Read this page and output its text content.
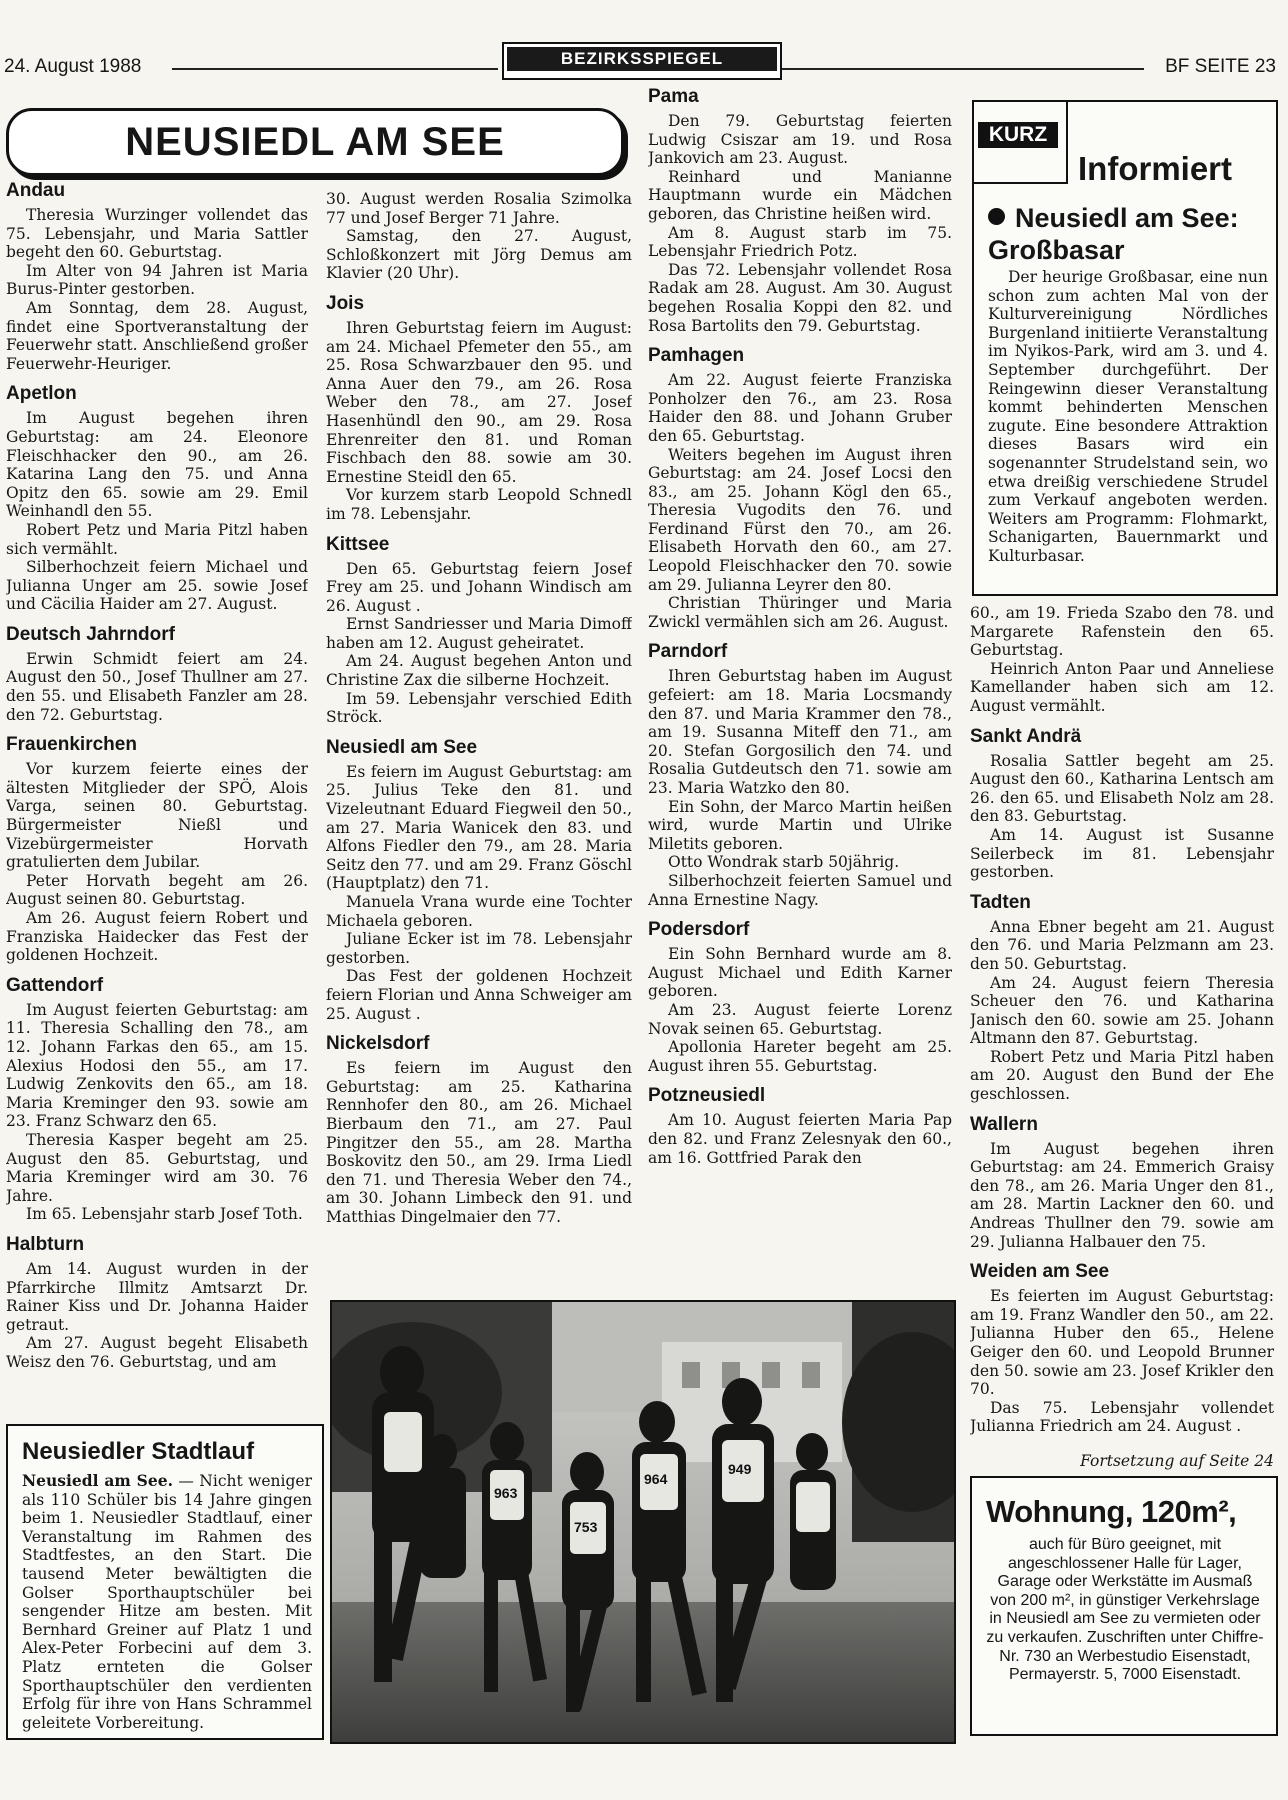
24. August 1988	BEZIRKSSPIEGEL	BF SEITE 23
NEUSIEDL AM SEE
Andau

Theresia Wurzinger vollendet das 75. Lebensjahr, und Maria Sattler begeht den 60. Geburtstag.

Im Alter von 94 Jahren ist Maria Burus-Pinter gestorben.

Am Sonntag, dem 28. August, findet eine Sportveranstaltung der Feuerwehr statt. Anschließend großer Feuerwehr-Heuriger.

Apetlon

Im August begehen ihren Geburtstag: am 24. Eleonore Fleischhacker den 90., am 26. Katarina Lang den 75. und Anna Opitz den 65. sowie am 29. Emil Weinhandl den 55.

Robert Petz und Maria Pitzl haben sich vermählt.

Silberhochzeit feiern Michael und Julianna Unger am 25. sowie Josef und Cäcilia Haider am 27. August.

Deutsch Jahrndorf

Erwin Schmidt feiert am 24. August den 50., Josef Thullner am 27. den 55. und Elisabeth Fanzler am 28. den 72. Geburtstag.

Frauenkirchen

Vor kurzem feierte eines der ältesten Mitglieder der SPÖ, Alois Varga, seinen 80. Geburtstag. Bürgermeister Nießl und Vizebürgermeister Horvath gratulierten dem Jubilar.

Peter Horvath begeht am 26. August seinen 80. Geburtstag.

Am 26. August feiern Robert und Franziska Haidecker das Fest der goldenen Hochzeit.

Gattendorf

Im August feierten Geburtstag: am 11. Theresia Schalling den 78., am 12. Johann Farkas den 65., am 15. Alexius Hodosi den 55., am 17. Ludwig Zenkovits den 65., am 18. Maria Kreminger den 93. sowie am 23. Franz Schwarz den 65.

Theresia Kasper begeht am 25. August den 85. Geburtstag, und Maria Kreminger wird am 30. 76 Jahre.

Im 65. Lebensjahr starb Josef Toth.

Halbturn

Am 14. August wurden in der Pfarrkirche Illmitz Amtsarzt Dr. Rainer Kiss und Dr. Johanna Haider getraut.

Am 27. August begeht Elisabeth Weisz den 76. Geburtstag, und am

30. August werden Rosalia Szimolka 77 und Josef Berger 71 Jahre.

Samstag, den 27. August, Schloßkonzert mit Jörg Demus am Klavier (20 Uhr).

Jois

Ihren Geburtstag feiern im August: am 24. Michael Pfemeter den 55., am 25. Rosa Schwarzbauer den 95. und Anna Auer den 79., am 26. Rosa Weber den 78., am 27. Josef Hasenhündl den 90., am 29. Rosa Ehrenreiter den 81. und Roman Fischbach den 88. sowie am 30. Ernestine Steidl den 65.

Vor kurzem starb Leopold Schnedl im 78. Lebensjahr.

Kittsee

Den 65. Geburtstag feiern Josef Frey am 25. und Johann Windisch am 26. August .

Ernst Sandriesser und Maria Dimoff haben am 12. August geheiratet.

Am 24. August begehen Anton und Christine Zax die silberne Hochzeit.

Im 59. Lebensjahr verschied Edith Ströck.

Neusiedl am See

Es feiern im August Geburtstag: am 25. Julius Teke den 81. und Vizeleutnant Eduard Fiegweil den 50., am 27. Maria Wanicek den 83. und Alfons Fiedler den 79., am 28. Maria Seitz den 77. und am 29. Franz Göschl (Hauptplatz) den 71.

Manuela Vrana wurde eine Tochter Michaela geboren.

Juliane Ecker ist im 78. Lebensjahr gestorben.

Das Fest der goldenen Hochzeit feiern Florian und Anna Schweiger am 25. August .

Nickelsdorf

Es feiern im August den Geburtstag: am 25. Katharina Rennhofer den 80., am 26. Michael Bierbaum den 71., am 27. Paul Pingitzer den 55., am 28. Martha Boskovitz den 50., am 29. Irma Liedl den 71. und Theresia Weber den 74., am 30. Johann Limbeck den 91. und Matthias Dingelmaier den 77.

Pama

Den 79. Geburtstag feierten Ludwig Csiszar am 19. und Rosa Jankovich am 23. August.

Reinhard und Manianne Hauptmann wurde ein Mädchen geboren, das Christine heißen wird.

Am 8. August starb im 75. Lebensjahr Friedrich Potz.

Das 72. Lebensjahr vollendet Rosa Radak am 28. August. Am 30. August begehen Rosalia Koppi den 82. und Rosa Bartolits den 79. Geburtstag.

Pamhagen

Am 22. August feierte Franziska Ponholzer den 76., am 23. Rosa Haider den 88. und Johann Gruber den 65. Geburtstag.

Weiters begehen im August ihren Geburtstag: am 24. Josef Locsi den 83., am 25. Johann Kögl den 65., Theresia Vugodits den 76. und Ferdinand Fürst den 70., am 26. Elisabeth Horvath den 60., am 27. Leopold Fleischhacker den 70. sowie am 29. Julianna Leyrer den 80.

Christian Thüringer und Maria Zwickl vermählen sich am 26. August.

Parndorf

Ihren Geburtstag haben im August gefeiert: am 18. Maria Locsmandy den 87. und Maria Krammer den 78., am 19. Susanna Miteff den 71., am 20. Stefan Gorgosilich den 74. und Rosalia Gutdeutsch den 71. sowie am 23. Maria Watzko den 80.

Ein Sohn, der Marco Martin heißen wird, wurde Martin und Ulrike Miletits geboren.

Otto Wondrak starb 50jährig.

Silberhochzeit feierten Samuel und Anna Ernestine Nagy.

Podersdorf

Ein Sohn Bernhard wurde am 8. August Michael und Edith Karner geboren.

Am 23. August feierte Lorenz Novak seinen 65. Geburtstag.

Apollonia Hareter begeht am 25. August ihren 55. Geburtstag.

Potzneusiedl

Am 10. August feierten Maria Pap den 82. und Franz Zelesnyak den 60., am 16. Gottfried Parak den

KURZ
Informiert
Neusiedl am See: Großbasar

Der heurige Großbasar, eine nun schon zum achten Mal von der Kulturvereinigung Nördliches Burgenland initiierte Veranstaltung im Nyikos-Park, wird am 3. und 4. September durchgeführt. Der Reingewinn dieser Veranstaltung kommt behinderten Menschen zugute. Eine besondere Attraktion dieses Basars wird ein sogenannter Strudelstand sein, wo etwa dreißig verschiedene Strudel zum Verkauf angeboten werden. Weiters am Programm: Flohmarkt, Schanigarten, Bauernmarkt und Kulturbasar.

60., am 19. Frieda Szabo den 78. und Margarete Rafenstein den 65. Geburtstag.

Heinrich Anton Paar und Anneliese Kamellander haben sich am 12. August vermählt.

Sankt Andrä

Rosalia Sattler begeht am 25. August den 60., Katharina Lentsch am 26. den 65. und Elisabeth Nolz am 28. den 83. Geburtstag.

Am 14. August ist Susanne Seilerbeck im 81. Lebensjahr gestorben.

Tadten

Anna Ebner begeht am 21. August den 76. und Maria Pelzmann am 23. den 50. Geburtstag.

Am 24. August feiern Theresia Scheuer den 76. und Katharina Janisch den 60. sowie am 25. Johann Altmann den 87. Geburtstag.

Robert Petz und Maria Pitzl haben am 20. August den Bund der Ehe geschlossen.

Wallern

Im August begehen ihren Geburtstag: am 24. Emmerich Graisy den 78., am 26. Maria Unger den 81., am 28. Martin Lackner den 60. und Andreas Thullner den 79. sowie am 29. Julianna Halbauer den 75.

Weiden am See

Es feierten im August Geburtstag: am 19. Franz Wandler den 50., am 22. Julianna Huber den 65., Helene Geiger den 60. und Leopold Brunner den 50. sowie am 23. Josef Krikler den 70.

Das 75. Lebensjahr vollendet Julianna Friedrich am 24. August .

Fortsetzung auf Seite 24
Neusiedler Stadtlauf
Neusiedl am See. — Nicht weniger als 110 Schüler bis 14 Jahre gingen beim 1. Neusiedler Stadtlauf, einer Veranstaltung im Rahmen des Stadtfestes, an den Start. Die tausend Meter bewältigten die Golser Sporthauptschüler bei sengender Hitze am besten. Mit Bernhard Greiner auf Platz 1 und Alex-Peter Forbecini auf dem 3. Platz ernteten die Golser Sporthauptschüler den verdienten Erfolg für ihre von Hans Schrammel geleitete Vorbereitung.
963
964
753
949
Wohnung, 120m²,
auch für Büro geeignet, mit angeschlossener Halle für Lager, Garage oder Werkstätte im Ausmaß von 200 m², in günstiger Verkehrslage in Neusiedl am See zu vermieten oder zu verkaufen. Zuschriften unter Chiffre-Nr. 730 an Werbestudio Eisenstadt, Permayerstr. 5, 7000 Eisenstadt.
